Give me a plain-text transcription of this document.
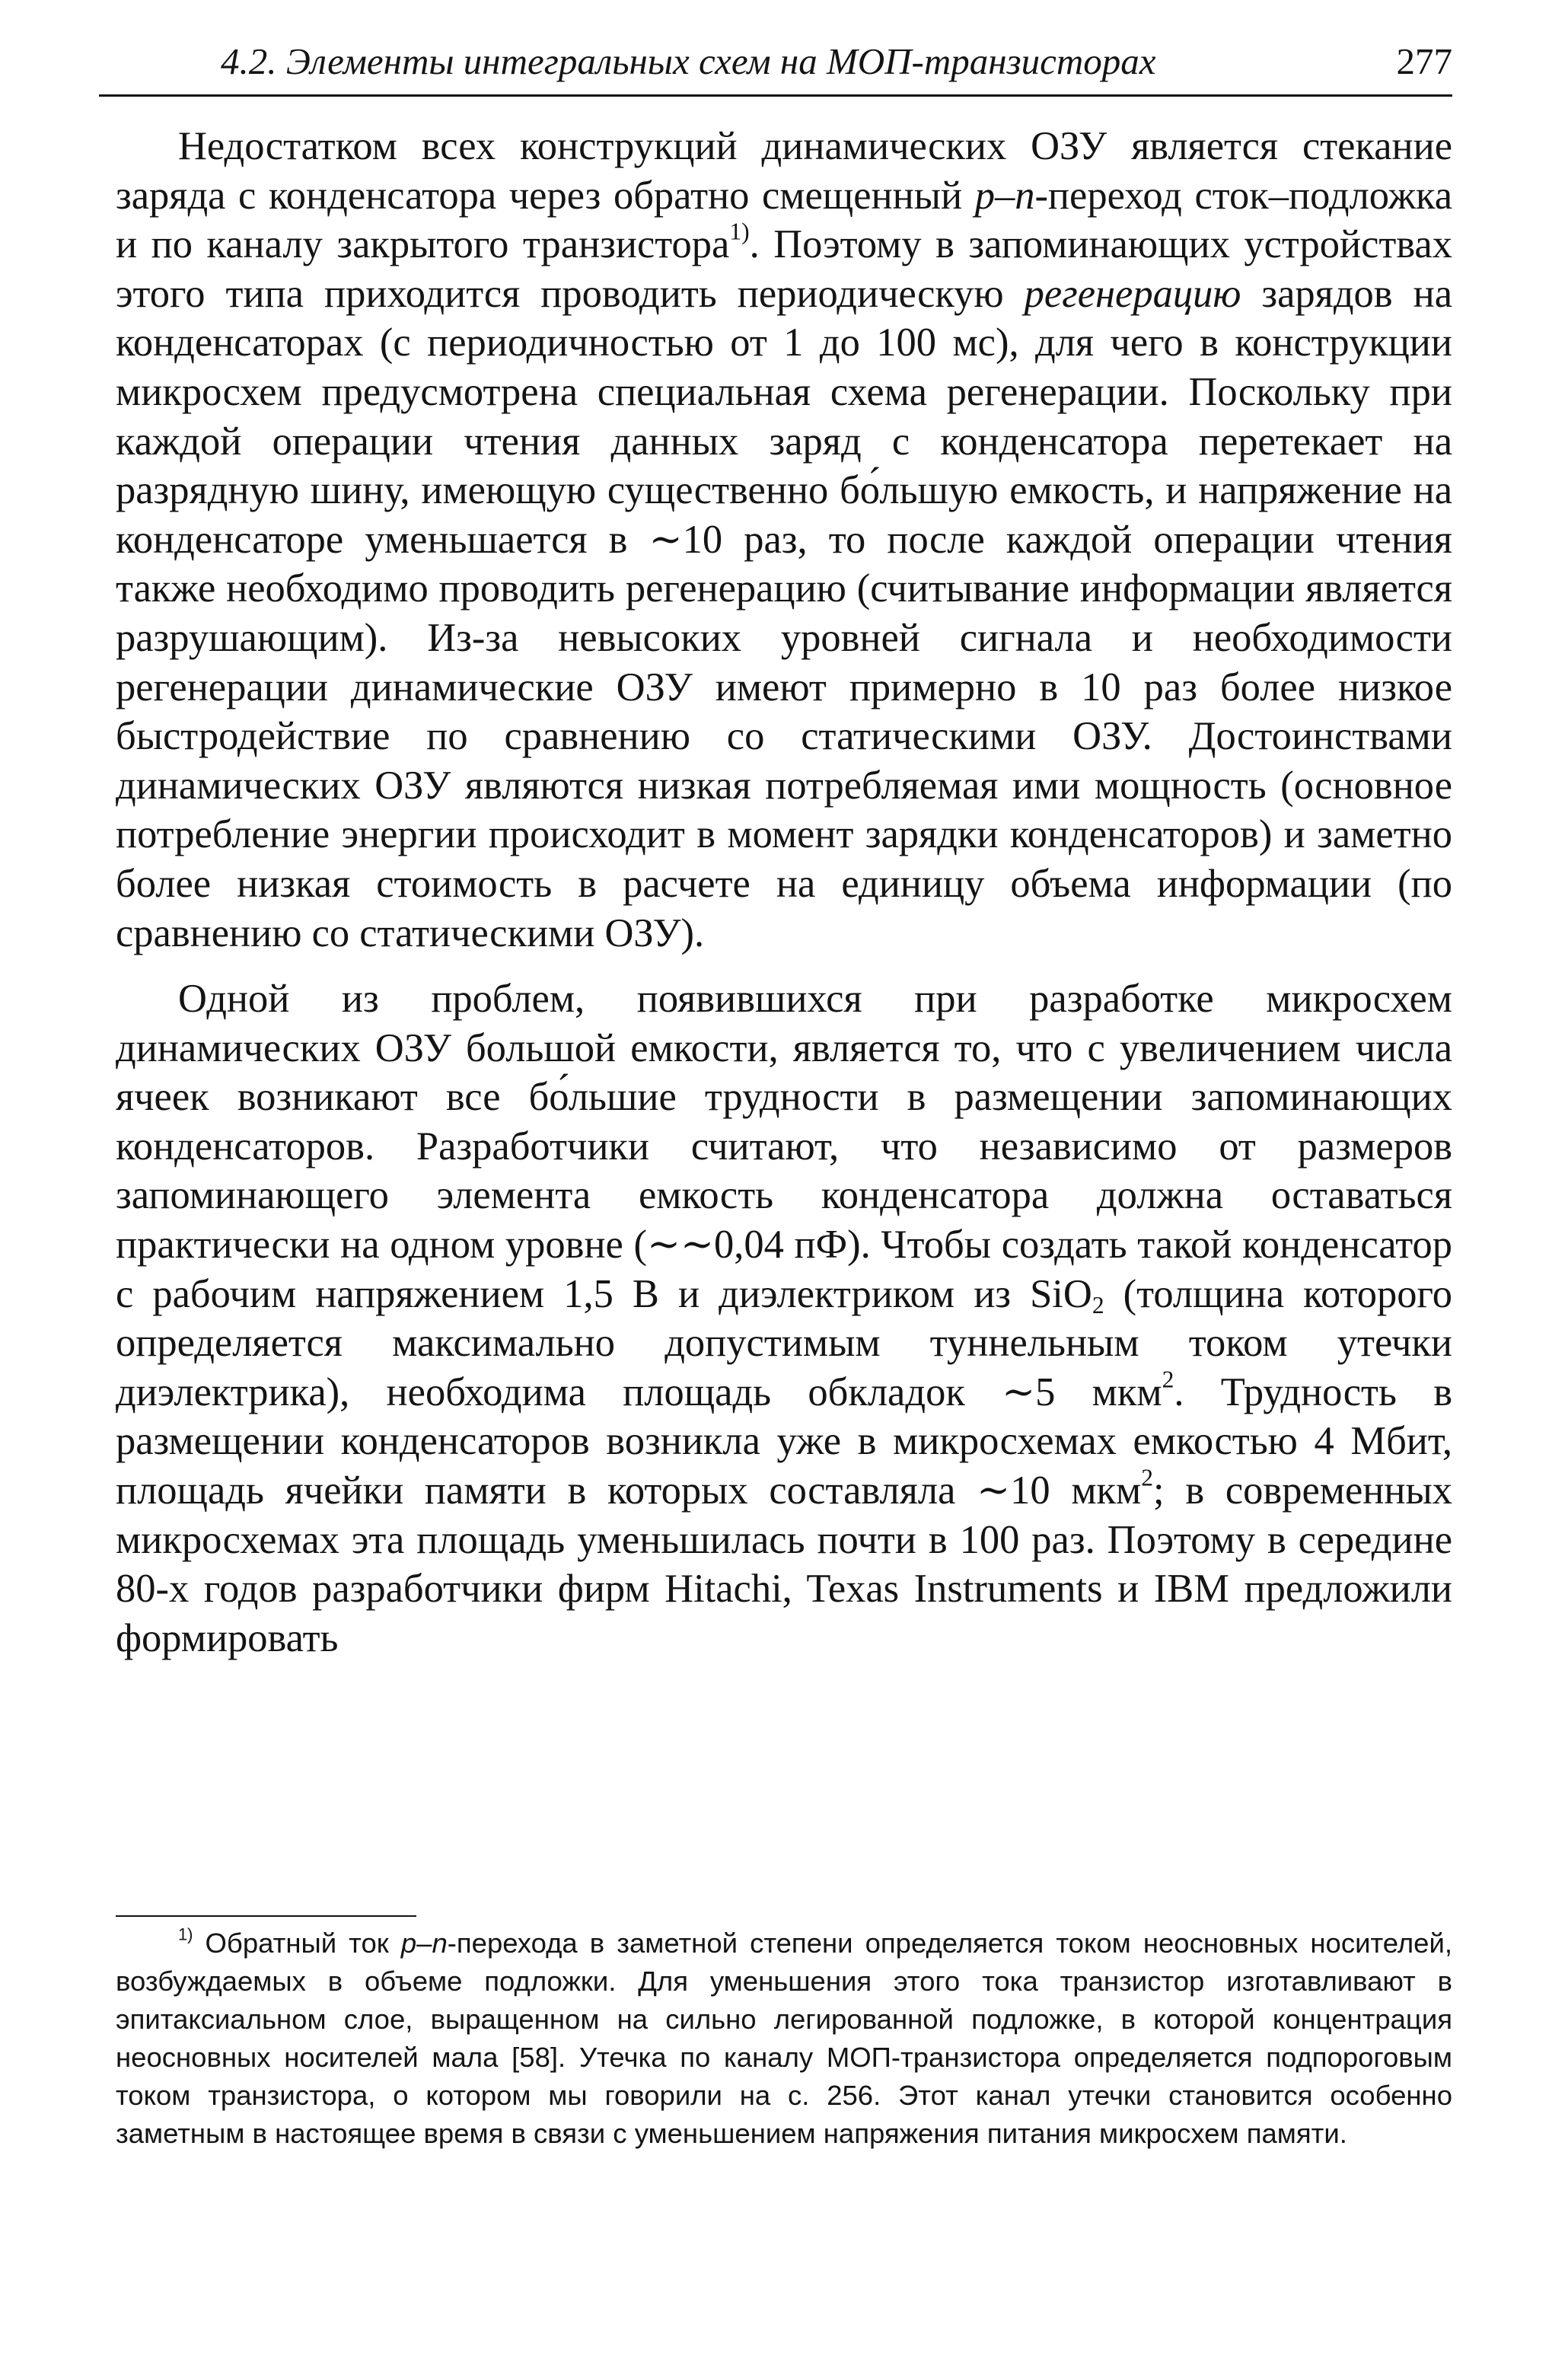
4.2. Элементы интегральных схем на МОП-транзисторах	277

Недостатком всех конструкций динамических ОЗУ является стекание заряда с конденсатора через обратно смещенный p–n-переход сток–подложка и по каналу закрытого транзистора$^{1)}$. Поэтому в запоминающих устройствах этого типа приходится проводить периодическую регенерацию зарядов на конденсаторах (с периодичностью от 1 до 100 мс), для чего в конструкции микросхем предусмотрена специальная схема регенерации. Поскольку при каждой операции чтения данных заряд с конденсатора перетекает на разрядную шину, имеющую существенно бо́льшую емкость, и напряжение на конденсаторе уменьшается в ∼10 раз, то после каждой операции чтения также необходимо проводить регенерацию (считывание информации является разрушающим). Из-за невысоких уровней сигнала и необходимости регенерации динамические ОЗУ имеют примерно в 10 раз более низкое быстродействие по сравнению со статическими ОЗУ. Достоинствами динамических ОЗУ являются низкая потребляемая ими мощность (основное потребление энергии происходит в момент зарядки конденсаторов) и заметно более низкая стоимость в расчете на единицу объема информации (по сравнению со статическими ОЗУ).

Одной из проблем, появившихся при разработке микросхем динамических ОЗУ большой емкости, является то, что с увеличением числа ячеек возникают все бо́льшие трудности в размещении запоминающих конденсаторов. Разработчики считают, что независимо от размеров запоминающего элемента емкость конденсатора должна оставаться практически на одном уровне (∼∼0,04 пФ). Чтобы создать такой конденсатор с рабочим напряжением 1,5 В и диэлектриком из SiO$_2$ (толщина которого определяется максимально допустимым туннельным током утечки диэлектрика), необходима площадь обкладок ∼5 мкм$^2$. Трудность в размещении конденсаторов возникла уже в микросхемах емкостью 4 Мбит, площадь ячейки памяти в которых составляла ∼10 мкм$^2$; в современных микросхемах эта площадь уменьшилась почти в 100 раз. Поэтому в середине 80-х годов разработчики фирм Hitachi, Texas Instruments и IBM предложили формировать

$^{1)}$ Обратный ток p–n-перехода в заметной степени определяется током неосновных носителей, возбуждаемых в объеме подложки. Для уменьшения этого тока транзистор изготавливают в эпитаксиальном слое, выращенном на сильно легированной подложке, в которой концентрация неосновных носителей мала [58]. Утечка по каналу МОП-транзистора определяется подпороговым током транзистора, о котором мы говорили на с. 256. Этот канал утечки становится особенно заметным в настоящее время в связи с уменьшением напряжения питания микросхем памяти.
